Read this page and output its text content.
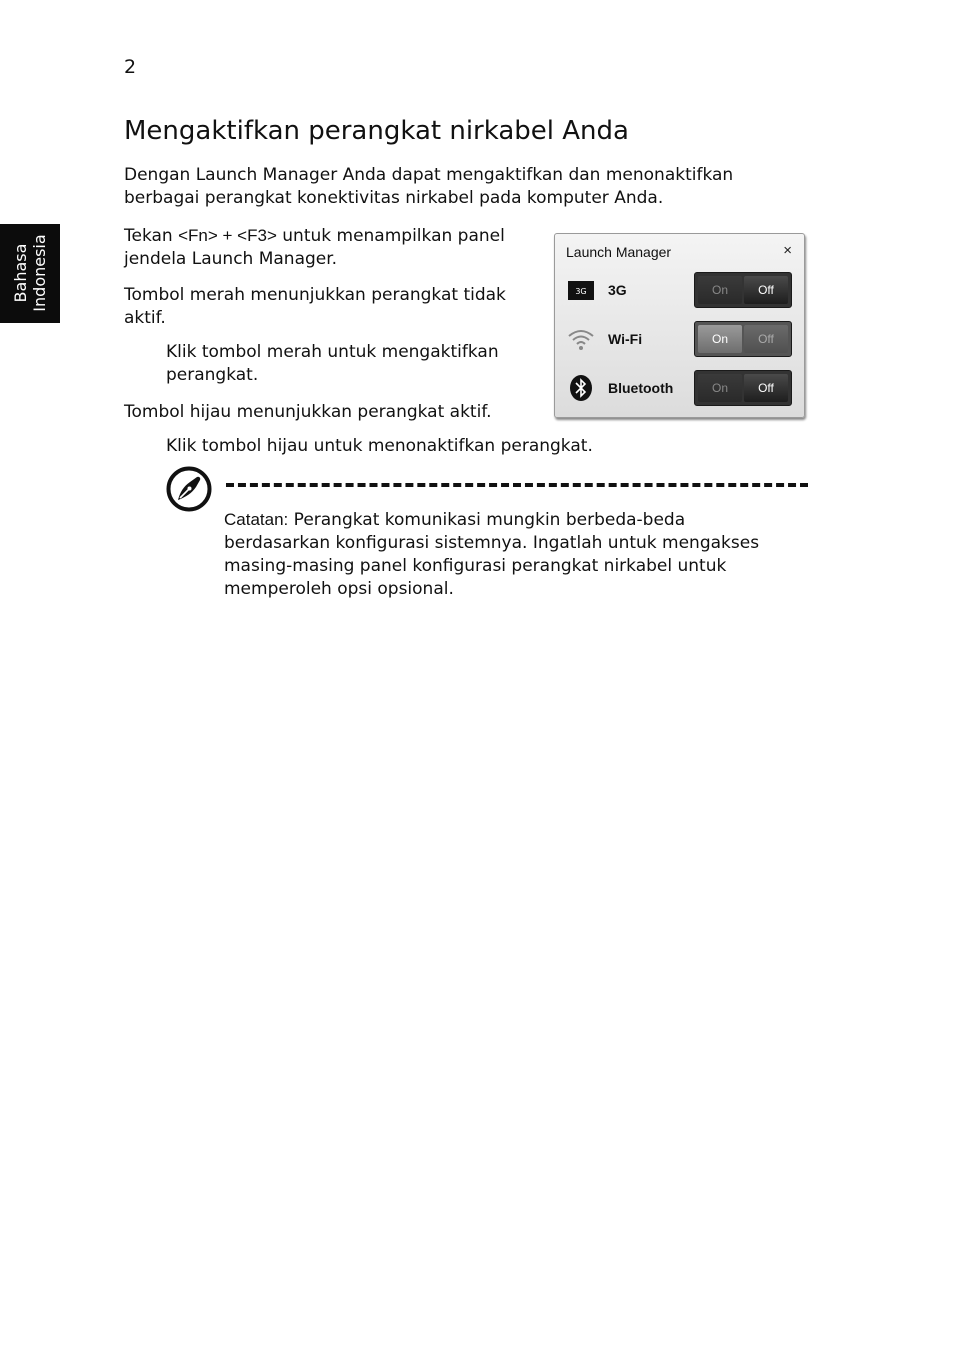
2
Bahasa
Indonesia
Mengaktifkan perangkat nirkabel Anda

Dengan Launch Manager Anda dapat mengaktifkan dan menonaktifkan berbagai perangkat konektivitas nirkabel pada komputer Anda.

Tekan <Fn> + <F3> untuk menampilkan panel jendela Launch Manager.

Tombol merah menunjukkan perangkat tidak aktif.

Klik tombol merah untuk mengaktifkan perangkat.

Tombol hijau menunjukkan perangkat aktif.

Klik tombol hijau untuk menonaktifkan perangkat.

Launch Manager	×
3G 3G	On	Off
Wi-Fi	On	Off
Bluetooth	On	Off

Catatan: Perangkat komunikasi mungkin berbeda-beda berdasarkan konfigurasi sistemnya. Ingatlah untuk mengakses masing-masing panel konfigurasi perangkat nirkabel untuk memperoleh opsi opsional.
